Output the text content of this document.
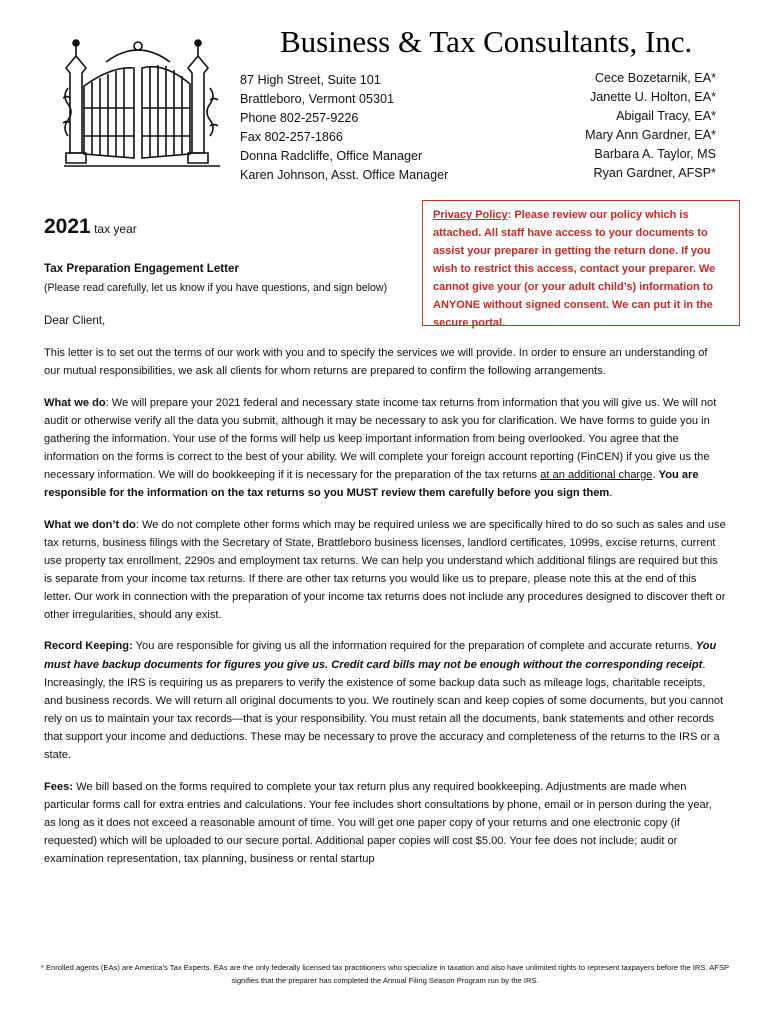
Business & Tax Consultants, Inc.
87 High Street, Suite 101
Brattleboro, Vermont 05301
Phone 802-257-9226
Fax 802-257-1866
Donna Radcliffe, Office Manager
Karen Johnson, Asst. Office Manager
Cece Bozetarnik, EA*
Janette U. Holton, EA*
Abigail Tracy, EA*
Mary Ann Gardner, EA*
Barbara A. Taylor, MS
Ryan Gardner, AFSP*
2021 tax year
Tax Preparation Engagement Letter
(Please read carefully, let us know if you have questions, and sign below)
Dear Client,
Privacy Policy: Please review our policy which is attached. All staff have access to your documents to assist your preparer in getting the return done. If you wish to restrict this access, contact your preparer. We cannot give your (or your adult child’s) information to ANYONE without signed consent. We can put it in the secure portal.

This letter is to set out the terms of our work with you and to specify the services we will provide. In order to ensure an understanding of our mutual responsibilities, we ask all clients for whom returns are prepared to confirm the following arrangements.

What we do: We will prepare your 2021 federal and necessary state income tax returns from information that you will give us. We will not audit or otherwise verify all the data you submit, although it may be necessary to ask you for clarification. We have forms to guide you in gathering the information. Your use of the forms will help us keep important information from being overlooked. You agree that the information on the forms is correct to the best of your ability. We will complete your foreign account reporting (FinCEN) if you give us the necessary information. We will do bookkeeping if it is necessary for the preparation of the tax returns at an additional charge. You are responsible for the information on the tax returns so you MUST review them carefully before you sign them.

What we don’t do: We do not complete other forms which may be required unless we are specifically hired to do so such as sales and use tax returns, business filings with the Secretary of State, Brattleboro business licenses, landlord certificates, 1099s, excise returns, current use property tax enrollment, 2290s and employment tax returns. We can help you understand which additional filings are required but this is separate from your income tax returns. If there are other tax returns you would like us to prepare, please note this at the end of this letter. Our work in connection with the preparation of your income tax returns does not include any procedures designed to discover theft or other irregularities, should any exist.

Record Keeping: You are responsible for giving us all the information required for the preparation of complete and accurate returns. You must have backup documents for figures you give us. Credit card bills may not be enough without the corresponding receipt. Increasingly, the IRS is requiring us as preparers to verify the existence of some backup data such as mileage logs, charitable receipts, and business records. We will return all original documents to you. We routinely scan and keep copies of some documents, but you cannot rely on us to maintain your tax records—that is your responsibility. You must retain all the documents, bank statements and other records that support your income and deductions. These may be necessary to prove the accuracy and completeness of the returns to the IRS or a state.

Fees: We bill based on the forms required to complete your tax return plus any required bookkeeping. Adjustments are made when particular forms call for extra entries and calculations. Your fee includes short consultations by phone, email or in person during the year, as long as it does not exceed a reasonable amount of time. You will get one paper copy of your returns and one electronic copy (if requested) which will be uploaded to our secure portal. Additional paper copies will cost $5.00. Your fee does not include; audit or examination representation, tax planning, business or rental startup

* Enrolled agents (EAs) are America’s Tax Experts. EAs are the only federally licensed tax practitioners who specialize in taxation and also have unlimited rights to represent taxpayers before the IRS. AFSP signifies that the preparer has completed the Annual Filing Season Program run by the IRS.
